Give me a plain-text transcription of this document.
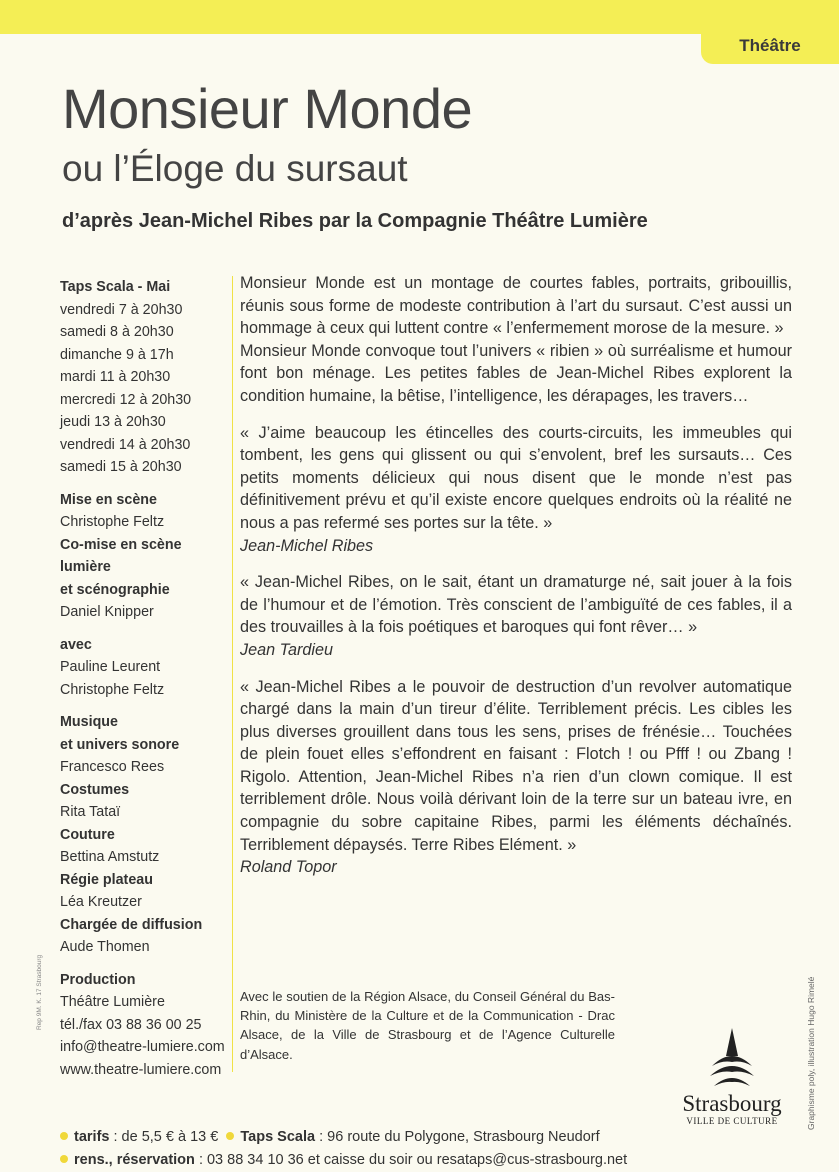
Théâtre
Monsieur Monde
ou l’Éloge du sursaut
d’après Jean-Michel Ribes par la Compagnie Théâtre Lumière
Taps Scala - Mai
vendredi 7 à 20h30
samedi 8 à 20h30
dimanche 9 à 17h
mardi 11 à 20h30
mercredi 12 à 20h30
jeudi 13 à 20h30
vendredi 14 à 20h30
samedi 15 à 20h30
Mise en scène
Christophe Feltz
Co-mise en scène
lumière
et scénographie
Daniel Knipper
avec
Pauline Leurent
Christophe Feltz
Musique
et univers sonore
Francesco Rees
Costumes
Rita Tataï
Couture
Bettina Amstutz
Régie plateau
Léa Kreutzer
Chargée de diffusion
Aude Thomen
Production
Théâtre Lumière
tél./fax 03 88 36 00 25
info@theatre-lumiere.com
www.theatre-lumiere.com

Monsieur Monde est un montage de courtes fables, portraits, gribouillis, réunis sous forme de modeste contribution à l’art du sursaut. C’est aussi un hommage à ceux qui luttent contre « l’enfermement morose de la mesure. »

Monsieur Monde convoque tout l’univers « ribien » où surréalisme et humour font bon ménage. Les petites fables de Jean-Michel Ribes explorent la condition humaine, la bêtise, l’intelligence, les dérapages, les travers…

« J’aime beaucoup les étincelles des courts-circuits, les immeubles qui tombent, les gens qui glissent ou qui s’envolent, bref les sursauts… Ces petits moments délicieux qui nous disent que le monde n’est pas définitivement prévu et qu’il existe encore quelques endroits où la réalité ne nous a pas refermé ses portes sur la tête. »

Jean-Michel Ribes

« Jean-Michel Ribes, on le sait, étant un dramaturge né, sait jouer à la fois de l’humour et de l’émotion. Très conscient de l’ambiguïté de ces fables, il a des trouvailles à la fois poétiques et baroques qui font rêver… »

Jean Tardieu

« Jean-Michel Ribes a le pouvoir de destruction d’un revolver automatique chargé dans la main d’un tireur d’élite. Terriblement précis. Les cibles les plus diverses grouillent dans tous les sens, prises de frénésie… Touchées de plein fouet elles s’effondrent en faisant : Flotch ! ou Pfff ! ou Zbang ! Rigolo. Attention, Jean-Michel Ribes n’a rien d’un clown comique. Il est terriblement drôle. Nous voilà dérivant loin de la terre sur un bateau ivre, en compagnie du sobre capitaine Ribes, parmi les éléments déchaînés. Terriblement dépaysés. Terre Ribes Elément. »

Roland Topor

Avec le soutien de la Région Alsace, du Conseil Général du Bas-Rhin, du Ministère de la Culture et de la Communication - Drac Alsace, de la Ville de Strasbourg et de l’Agence Culturelle d’Alsace.
Strasbourg
VILLE DE CULTURE	Graphisme poly, illustration Hugo Rimelé
Rep 9M. K. 17 Strasbourg
tarifs : de 5,5 € à 13 € Taps Scala : 96 route du Polygone, Strasbourg Neudorf
rens., réservation : 03 88 34 10 36 et caisse du soir ou resataps@cus-strasbourg.net
